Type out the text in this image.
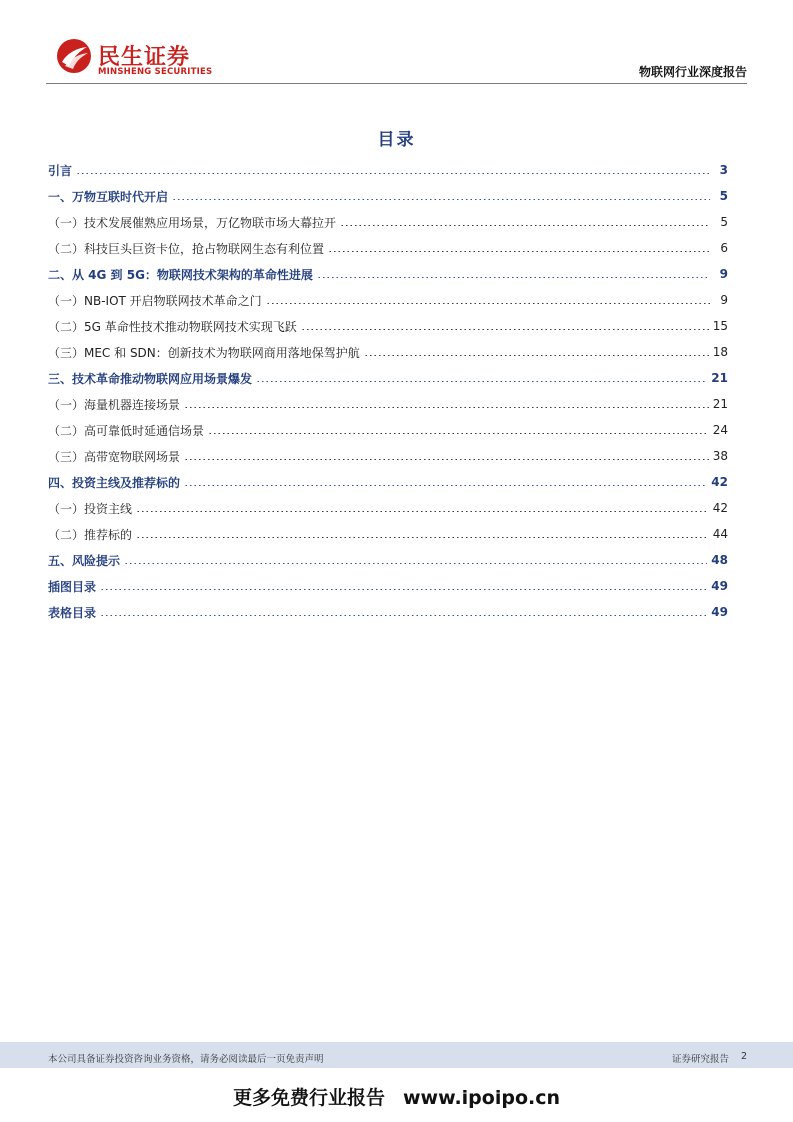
民生证券
MINSHENG SECURITIES	物联网行业深度报告
目录
引言	3
一、万物互联时代开启	5
（一）技术发展催熟应用场景，万亿物联市场大幕拉开	5
（二）科技巨头巨资卡位，抢占物联网生态有利位置	6
二、从 4G 到 5G：物联网技术架构的革命性进展	9
（一）NB-IOT 开启物联网技术革命之门	9
（二）5G 革命性技术推动物联网技术实现飞跃	15
（三）MEC 和 SDN：创新技术为物联网商用落地保驾护航	18
三、技术革命推动物联网应用场景爆发	21
（一）海量机器连接场景	21
（二）高可靠低时延通信场景	24
（三）高带宽物联网场景	38
四、投资主线及推荐标的	42
（一）投资主线	42
（二）推荐标的	44
五、风险提示	48
插图目录	49
表格目录	49
本公司具备证券投资咨询业务资格，请务必阅读最后一页免责声明	证券研究报告 2
更多免费行业报告 www.ipoipo.cn
